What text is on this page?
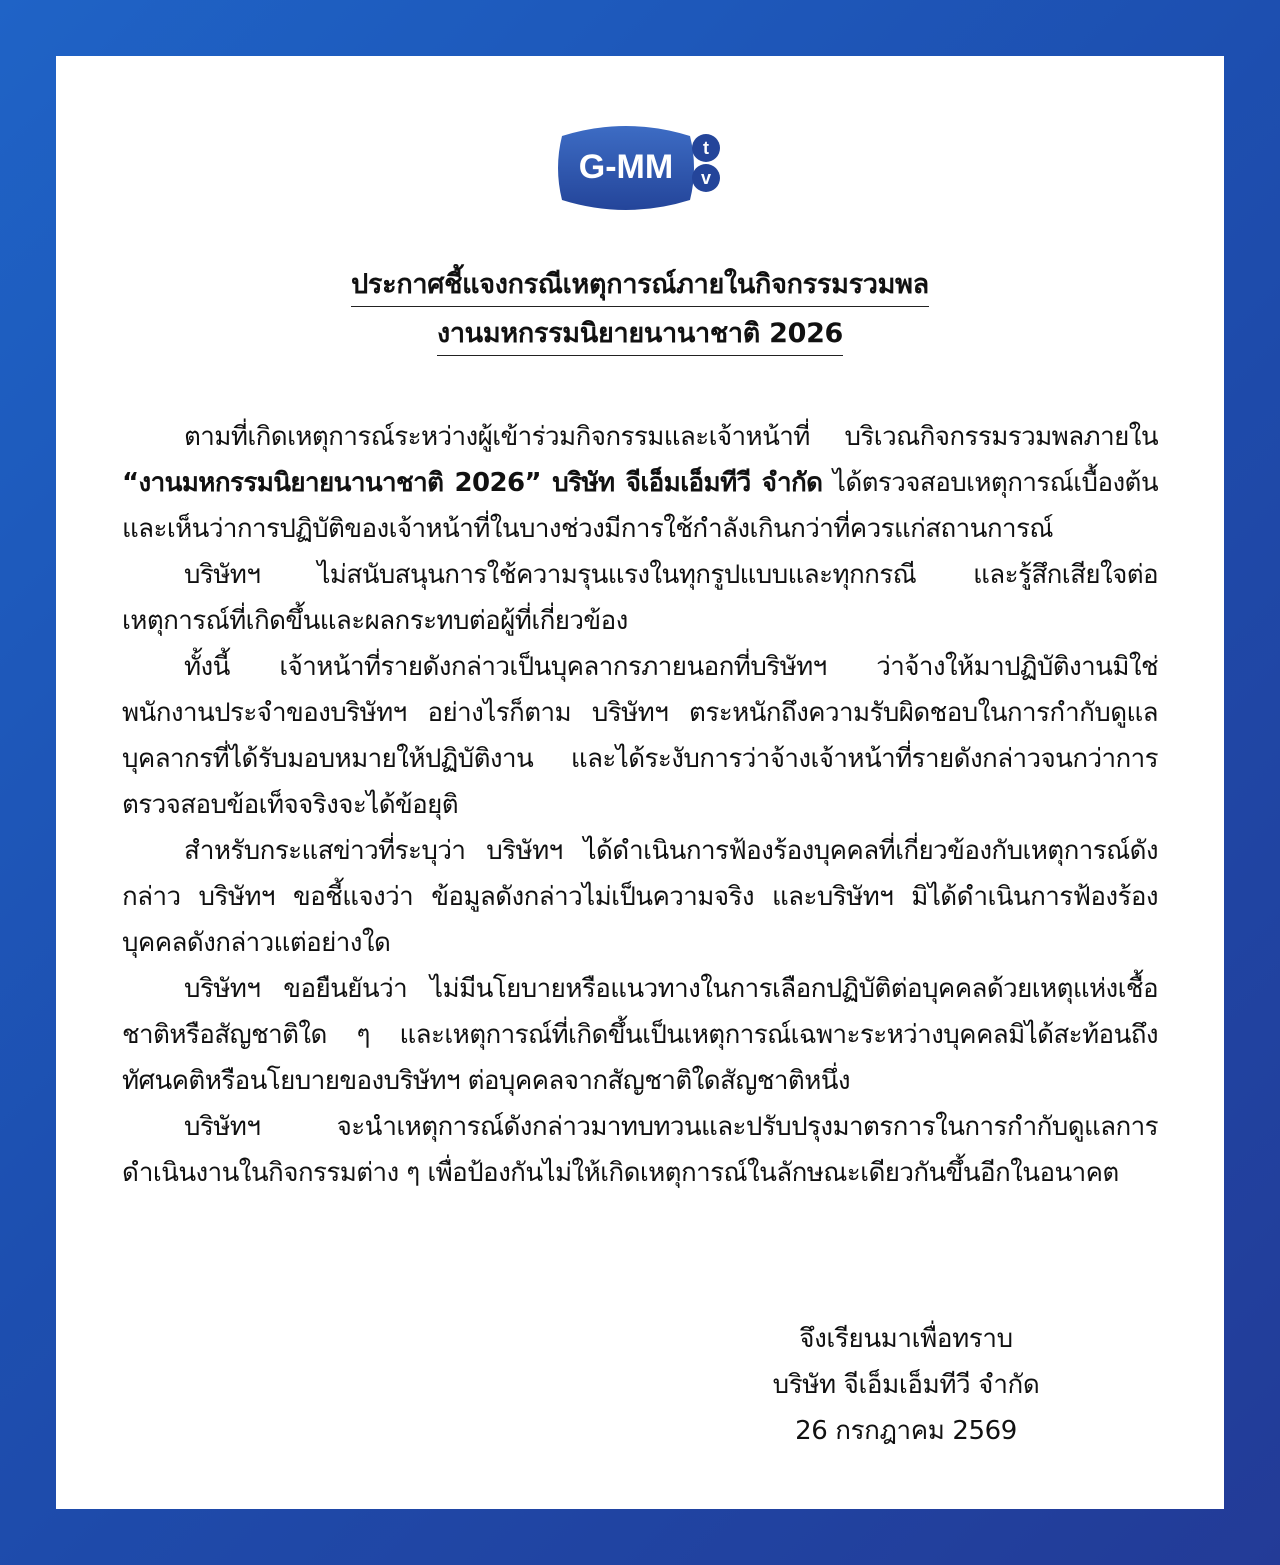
G-MM t
v
ประกาศชี้แจงกรณีเหตุการณ์ภายในกิจกรรมรวมพล
งานมหกรรมนิยายนานาชาติ 2026

ตามที่เกิดเหตุการณ์ระหว่างผู้เข้าร่วมกิจกรรมและเจ้าหน้าที่ บริเวณกิจกรรมรวมพลภายใน “งานมหกรรมนิยายนานาชาติ 2026” บริษัท จีเอ็มเอ็มทีวี จำกัด ได้ตรวจสอบเหตุการณ์เบื้องต้น และเห็นว่าการปฏิบัติของเจ้าหน้าที่ในบางช่วงมีการใช้กำลังเกินกว่าที่ควรแก่สถานการณ์

บริษัทฯ ไม่สนับสนุนการใช้ความรุนแรงในทุกรูปแบบและทุกกรณี และรู้สึกเสียใจต่อเหตุการณ์ที่เกิดขึ้นและผลกระทบต่อผู้ที่เกี่ยวข้อง

ทั้งนี้ เจ้าหน้าที่รายดังกล่าวเป็นบุคลากรภายนอกที่บริษัทฯ ว่าจ้างให้มาปฏิบัติงานมิใช่พนักงานประจำของบริษัทฯ อย่างไรก็ตาม บริษัทฯ ตระหนักถึงความรับผิดชอบในการกำกับดูแลบุคลากรที่ได้รับมอบหมายให้ปฏิบัติงาน และได้ระงับการว่าจ้างเจ้าหน้าที่รายดังกล่าวจนกว่าการตรวจสอบข้อเท็จจริงจะได้ข้อยุติ

สำหรับกระแสข่าวที่ระบุว่า บริษัทฯ ได้ดำเนินการฟ้องร้องบุคคลที่เกี่ยวข้องกับเหตุการณ์ดังกล่าว บริษัทฯ ขอชี้แจงว่า ข้อมูลดังกล่าวไม่เป็นความจริง และบริษัทฯ มิได้ดำเนินการฟ้องร้องบุคคลดังกล่าวแต่อย่างใด

บริษัทฯ ขอยืนยันว่า ไม่มีนโยบายหรือแนวทางในการเลือกปฏิบัติต่อบุคคลด้วยเหตุแห่งเชื้อชาติหรือสัญชาติใด ๆ และเหตุการณ์ที่เกิดขึ้นเป็นเหตุการณ์เฉพาะระหว่างบุคคลมิได้สะท้อนถึงทัศนคติหรือนโยบายของบริษัทฯ ต่อบุคคลจากสัญชาติใดสัญชาติหนึ่ง

บริษัทฯ จะนำเหตุการณ์ดังกล่าวมาทบทวนและปรับปรุงมาตรการในการกำกับดูแลการดำเนินงานในกิจกรรมต่าง ๆ เพื่อป้องกันไม่ให้เกิดเหตุการณ์ในลักษณะเดียวกันขึ้นอีกในอนาคต

จึงเรียนมาเพื่อทราบ
บริษัท จีเอ็มเอ็มทีวี จำกัด
26 กรกฎาคม 2569
